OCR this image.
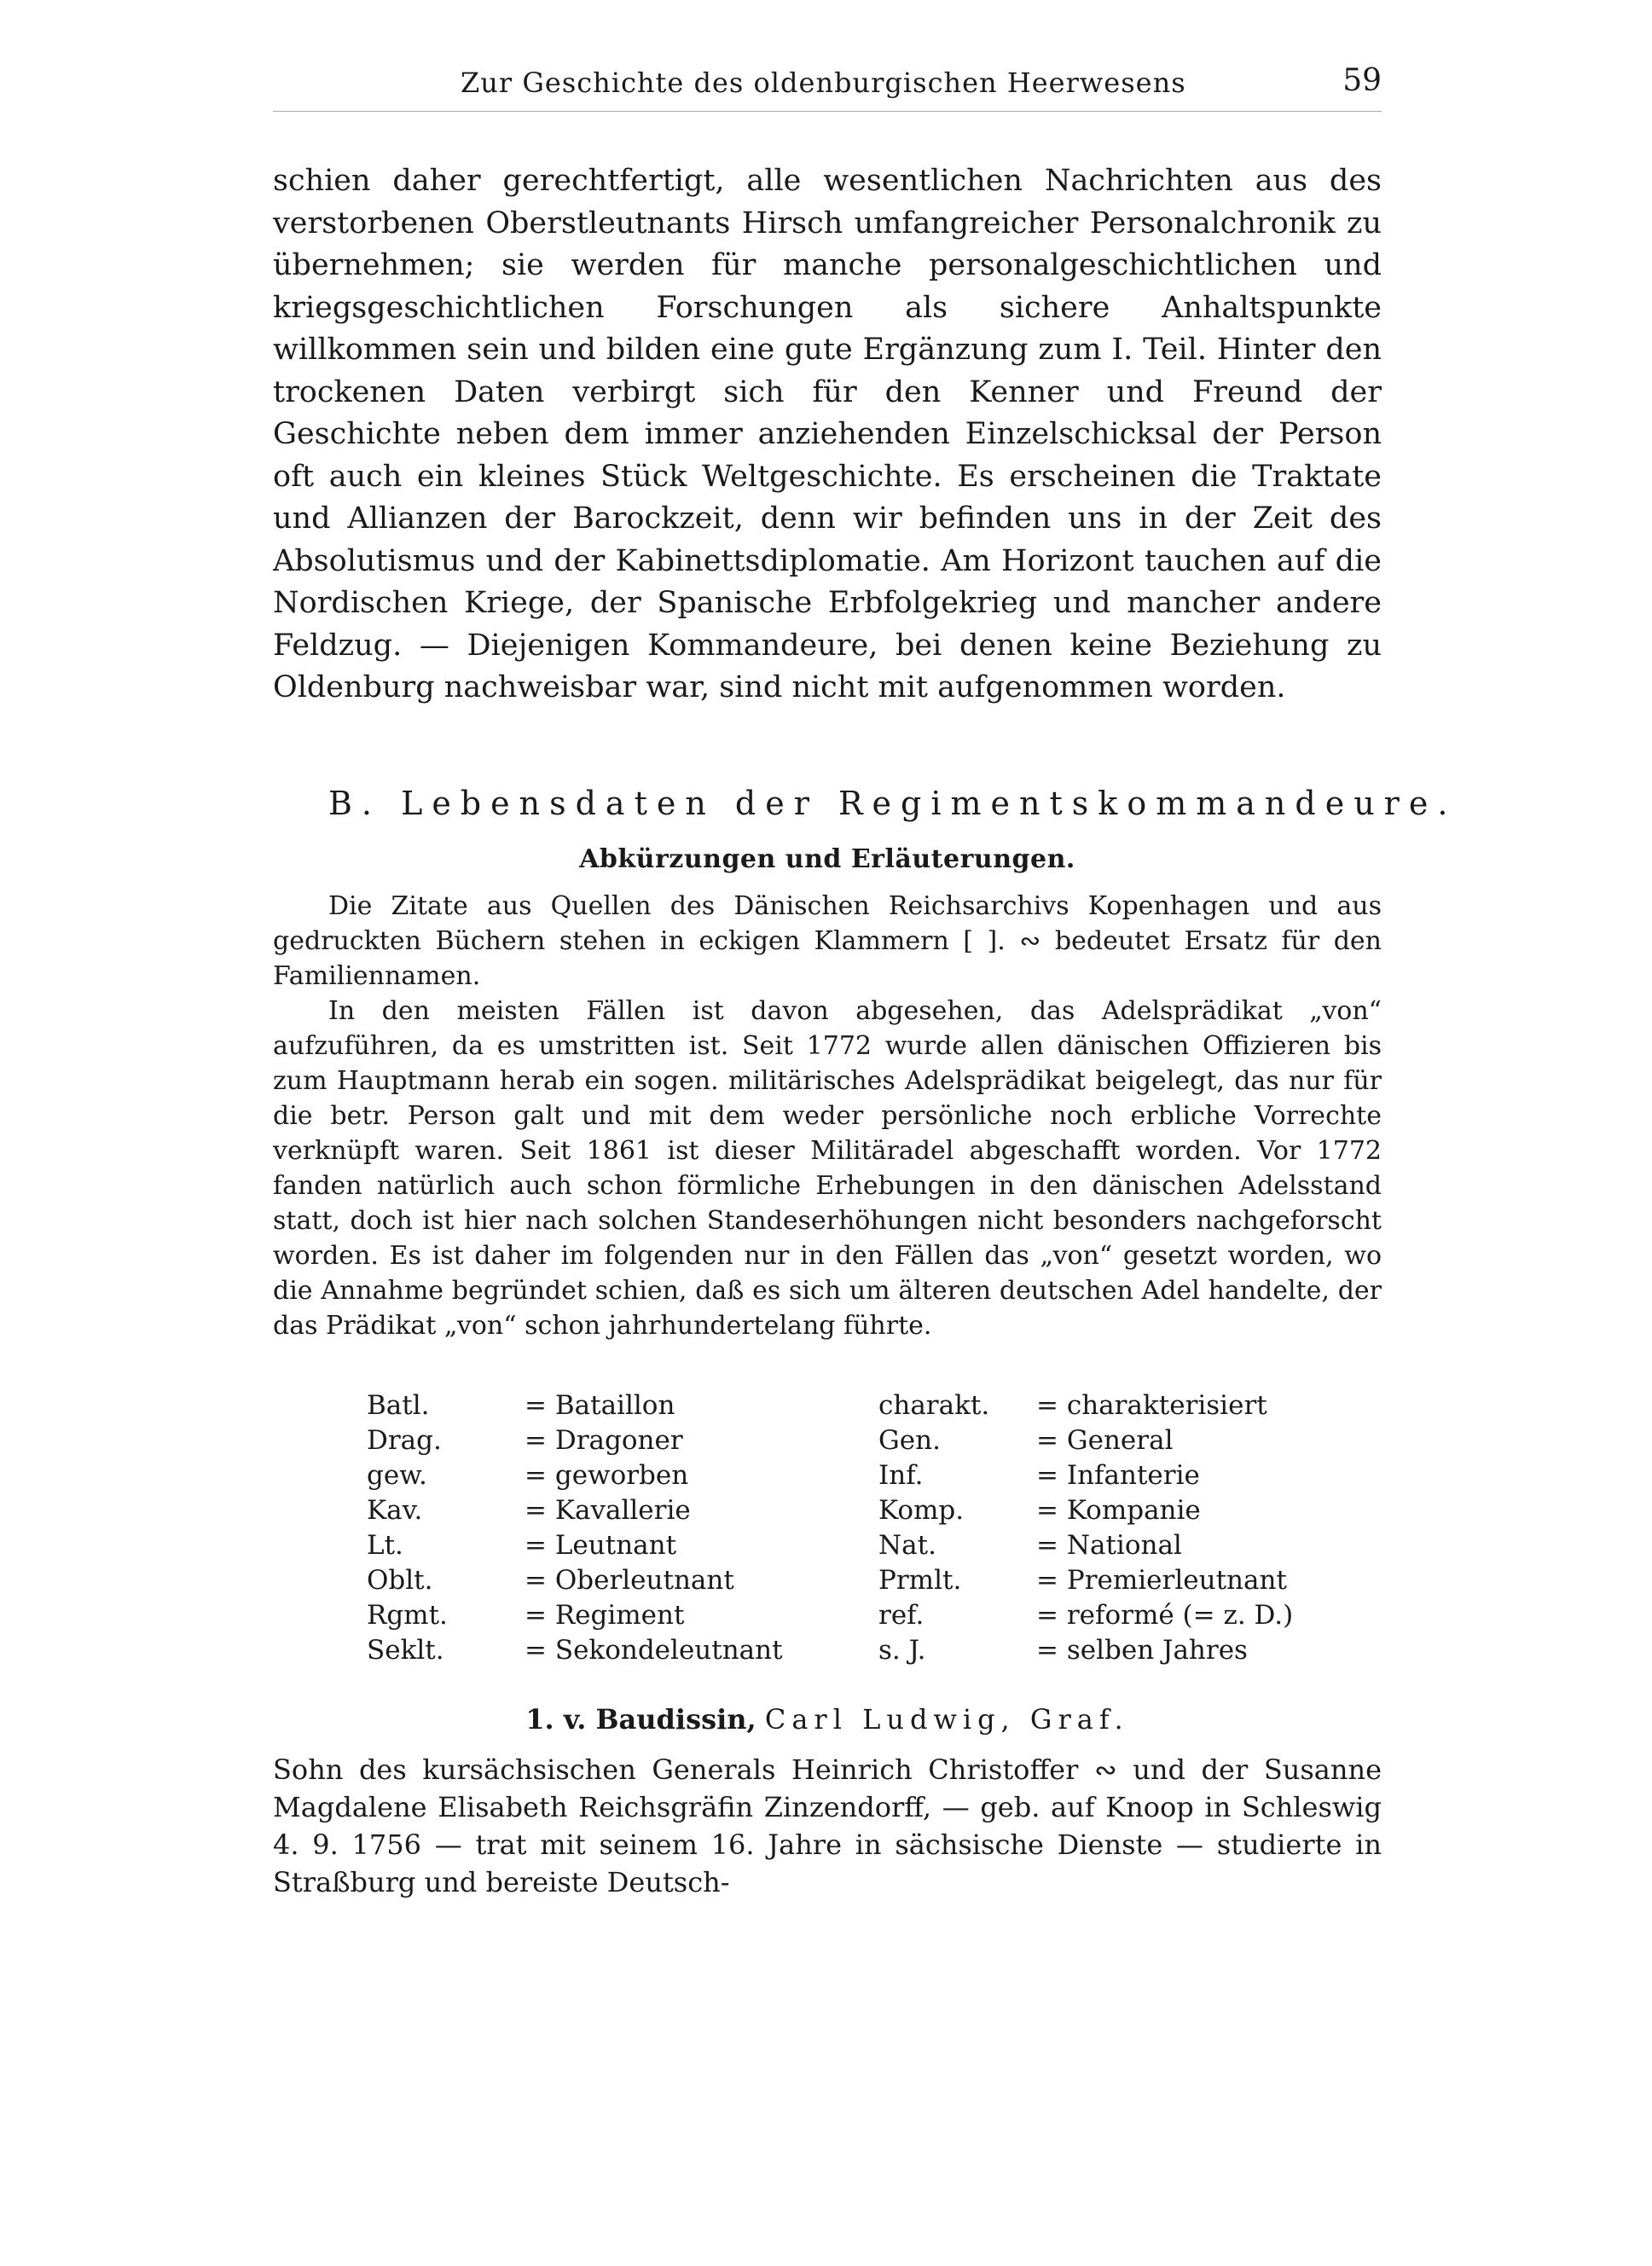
Zur Geschichte des oldenburgischen Heerwesens	59

schien daher gerechtfertigt, alle wesentlichen Nachrichten aus des verstorbenen Oberstleutnants Hirsch umfangreicher Personalchronik zu übernehmen; sie werden für manche personalgeschichtlichen und kriegsgeschichtlichen Forschungen als sichere Anhaltspunkte willkommen sein und bilden eine gute Ergänzung zum I. Teil. Hinter den trockenen Daten verbirgt sich für den Kenner und Freund der Geschichte neben dem immer anziehenden Einzelschicksal der Person oft auch ein kleines Stück Weltgeschichte. Es erscheinen die Traktate und Allianzen der Barockzeit, denn wir befinden uns in der Zeit des Absolutismus und der Kabinettsdiplomatie. Am Horizont tauchen auf die Nordischen Kriege, der Spanische Erbfolgekrieg und mancher andere Feldzug. — Diejenigen Kommandeure, bei denen keine Beziehung zu Oldenburg nachweisbar war, sind nicht mit aufgenommen worden.

B. Lebensdaten der Regimentskommandeure.
Abkürzungen und Erläuterungen.

Die Zitate aus Quellen des Dänischen Reichsarchivs Kopenhagen und aus gedruckten Büchern stehen in eckigen Klammern [ ]. ∾ bedeutet Ersatz für den Familiennamen.

In den meisten Fällen ist davon abgesehen, das Adelsprädikat „von“ aufzuführen, da es umstritten ist. Seit 1772 wurde allen dänischen Offizieren bis zum Hauptmann herab ein sogen. militärisches Adelsprädikat beigelegt, das nur für die betr. Person galt und mit dem weder persönliche noch erbliche Vorrechte verknüpft waren. Seit 1861 ist dieser Militäradel abgeschafft worden. Vor 1772 fanden natürlich auch schon förmliche Erhebungen in den dänischen Adelsstand statt, doch ist hier nach solchen Standeserhöhungen nicht besonders nachgeforscht worden. Es ist daher im folgenden nur in den Fällen das „von“ gesetzt worden, wo die Annahme begründet schien, daß es sich um älteren deutschen Adel handelte, der das Prädikat „von“ schon jahrhundertelang führte.

Batl.	= Bataillon	charakt. = charakterisiert
Drag.	= Dragoner	Gen.	= General
gew.	= geworben	Inf.	= Infanterie
Kav.	= Kavallerie	Komp.	= Kompanie
Lt.	= Leutnant	Nat.	= National
Oblt.	= Oberleutnant	Prmlt.	= Premierleutnant
Rgmt.	= Regiment	ref.	= reformé (= z. D.)
Seklt.	= Sekondeleutnant	s. J.	= selben Jahres
1. v. Baudissin, Carl Ludwig, Graf.

Sohn des kursächsischen Generals Heinrich Christoffer ∾ und der Susanne Magdalene Elisabeth Reichsgräfin Zinzendorff, — geb. auf Knoop in Schleswig 4. 9. 1756 — trat mit seinem 16. Jahre in sächsische Dienste — studierte in Straßburg und bereiste Deutsch-
